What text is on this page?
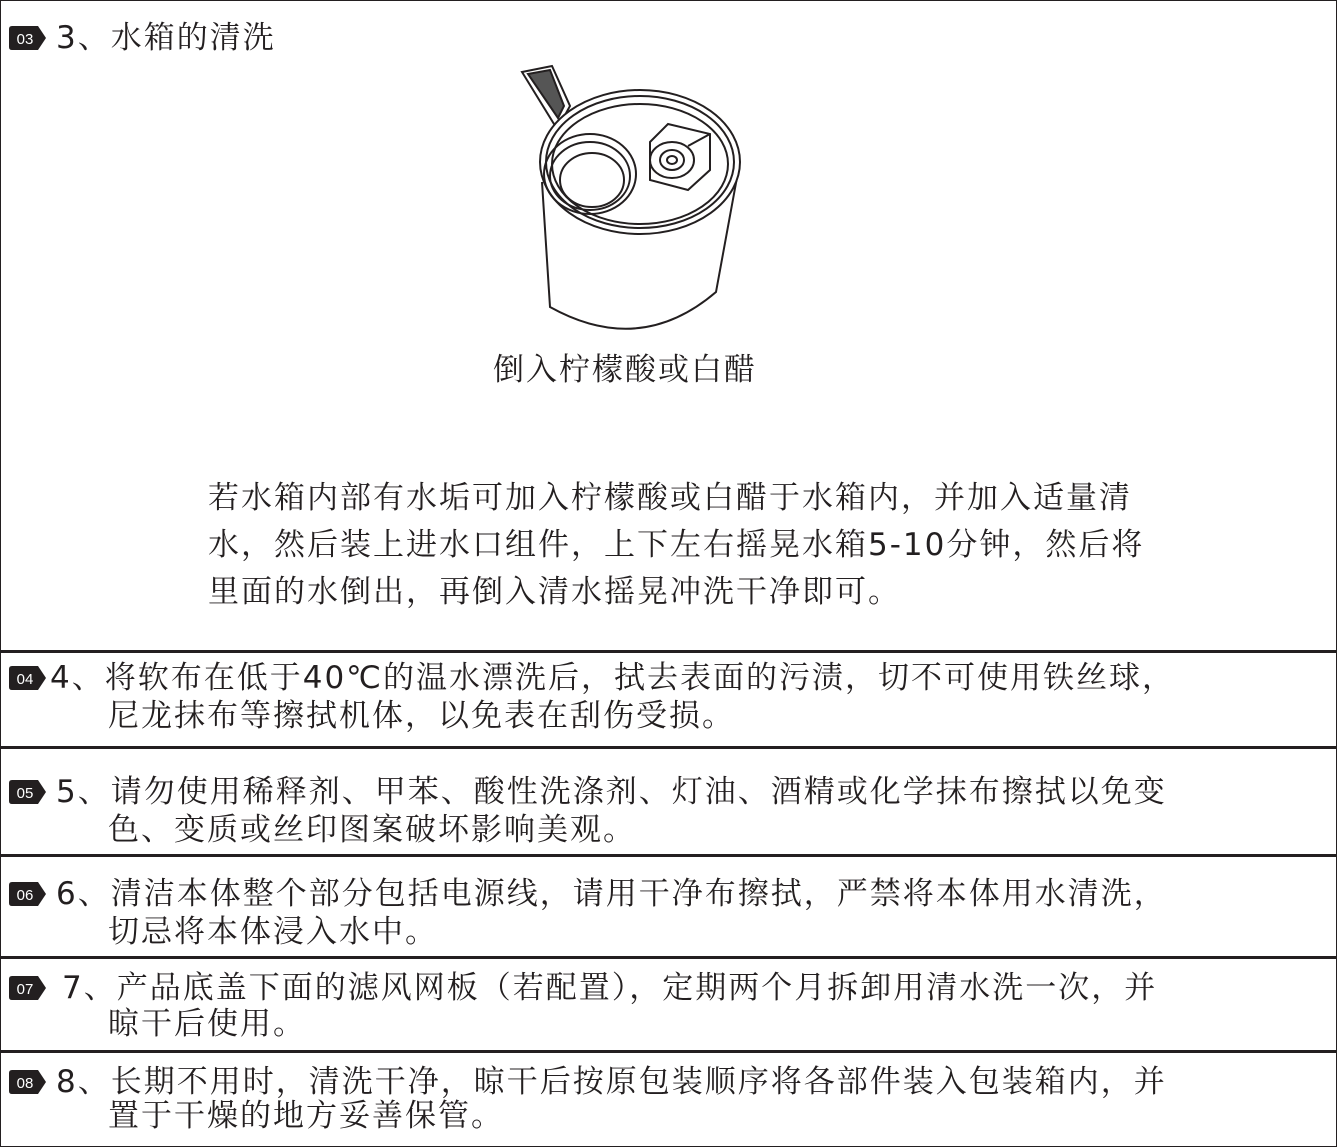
03 3、水箱的清洗
倒入柠檬酸或白醋
若水箱内部有水垢可加入柠檬酸或白醋于水箱内，并加入适量清
水，然后装上进水口组件，上下左右摇晃水箱5-10分钟，然后将
里面的水倒出，再倒入清水摇晃冲洗干净即可。
04 4、将软布在低于40℃的温水漂洗后，拭去表面的污渍，切不可使用铁丝球，
尼龙抹布等擦拭机体，以免表在刮伤受损。
05 5、请勿使用稀释剂、甲苯、酸性洗涤剂、灯油、酒精或化学抹布擦拭以免变
色、变质或丝印图案破坏影响美观。
06 6、清洁本体整个部分包括电源线，请用干净布擦拭，严禁将本体用水清洗，
切忌将本体浸入水中。
07 7、产品底盖下面的滤风网板（若配置），定期两个月拆卸用清水洗一次，并
晾干后使用。
08 8、长期不用时，清洗干净，晾干后按原包装顺序将各部件装入包装箱内，并
置于干燥的地方妥善保管。
